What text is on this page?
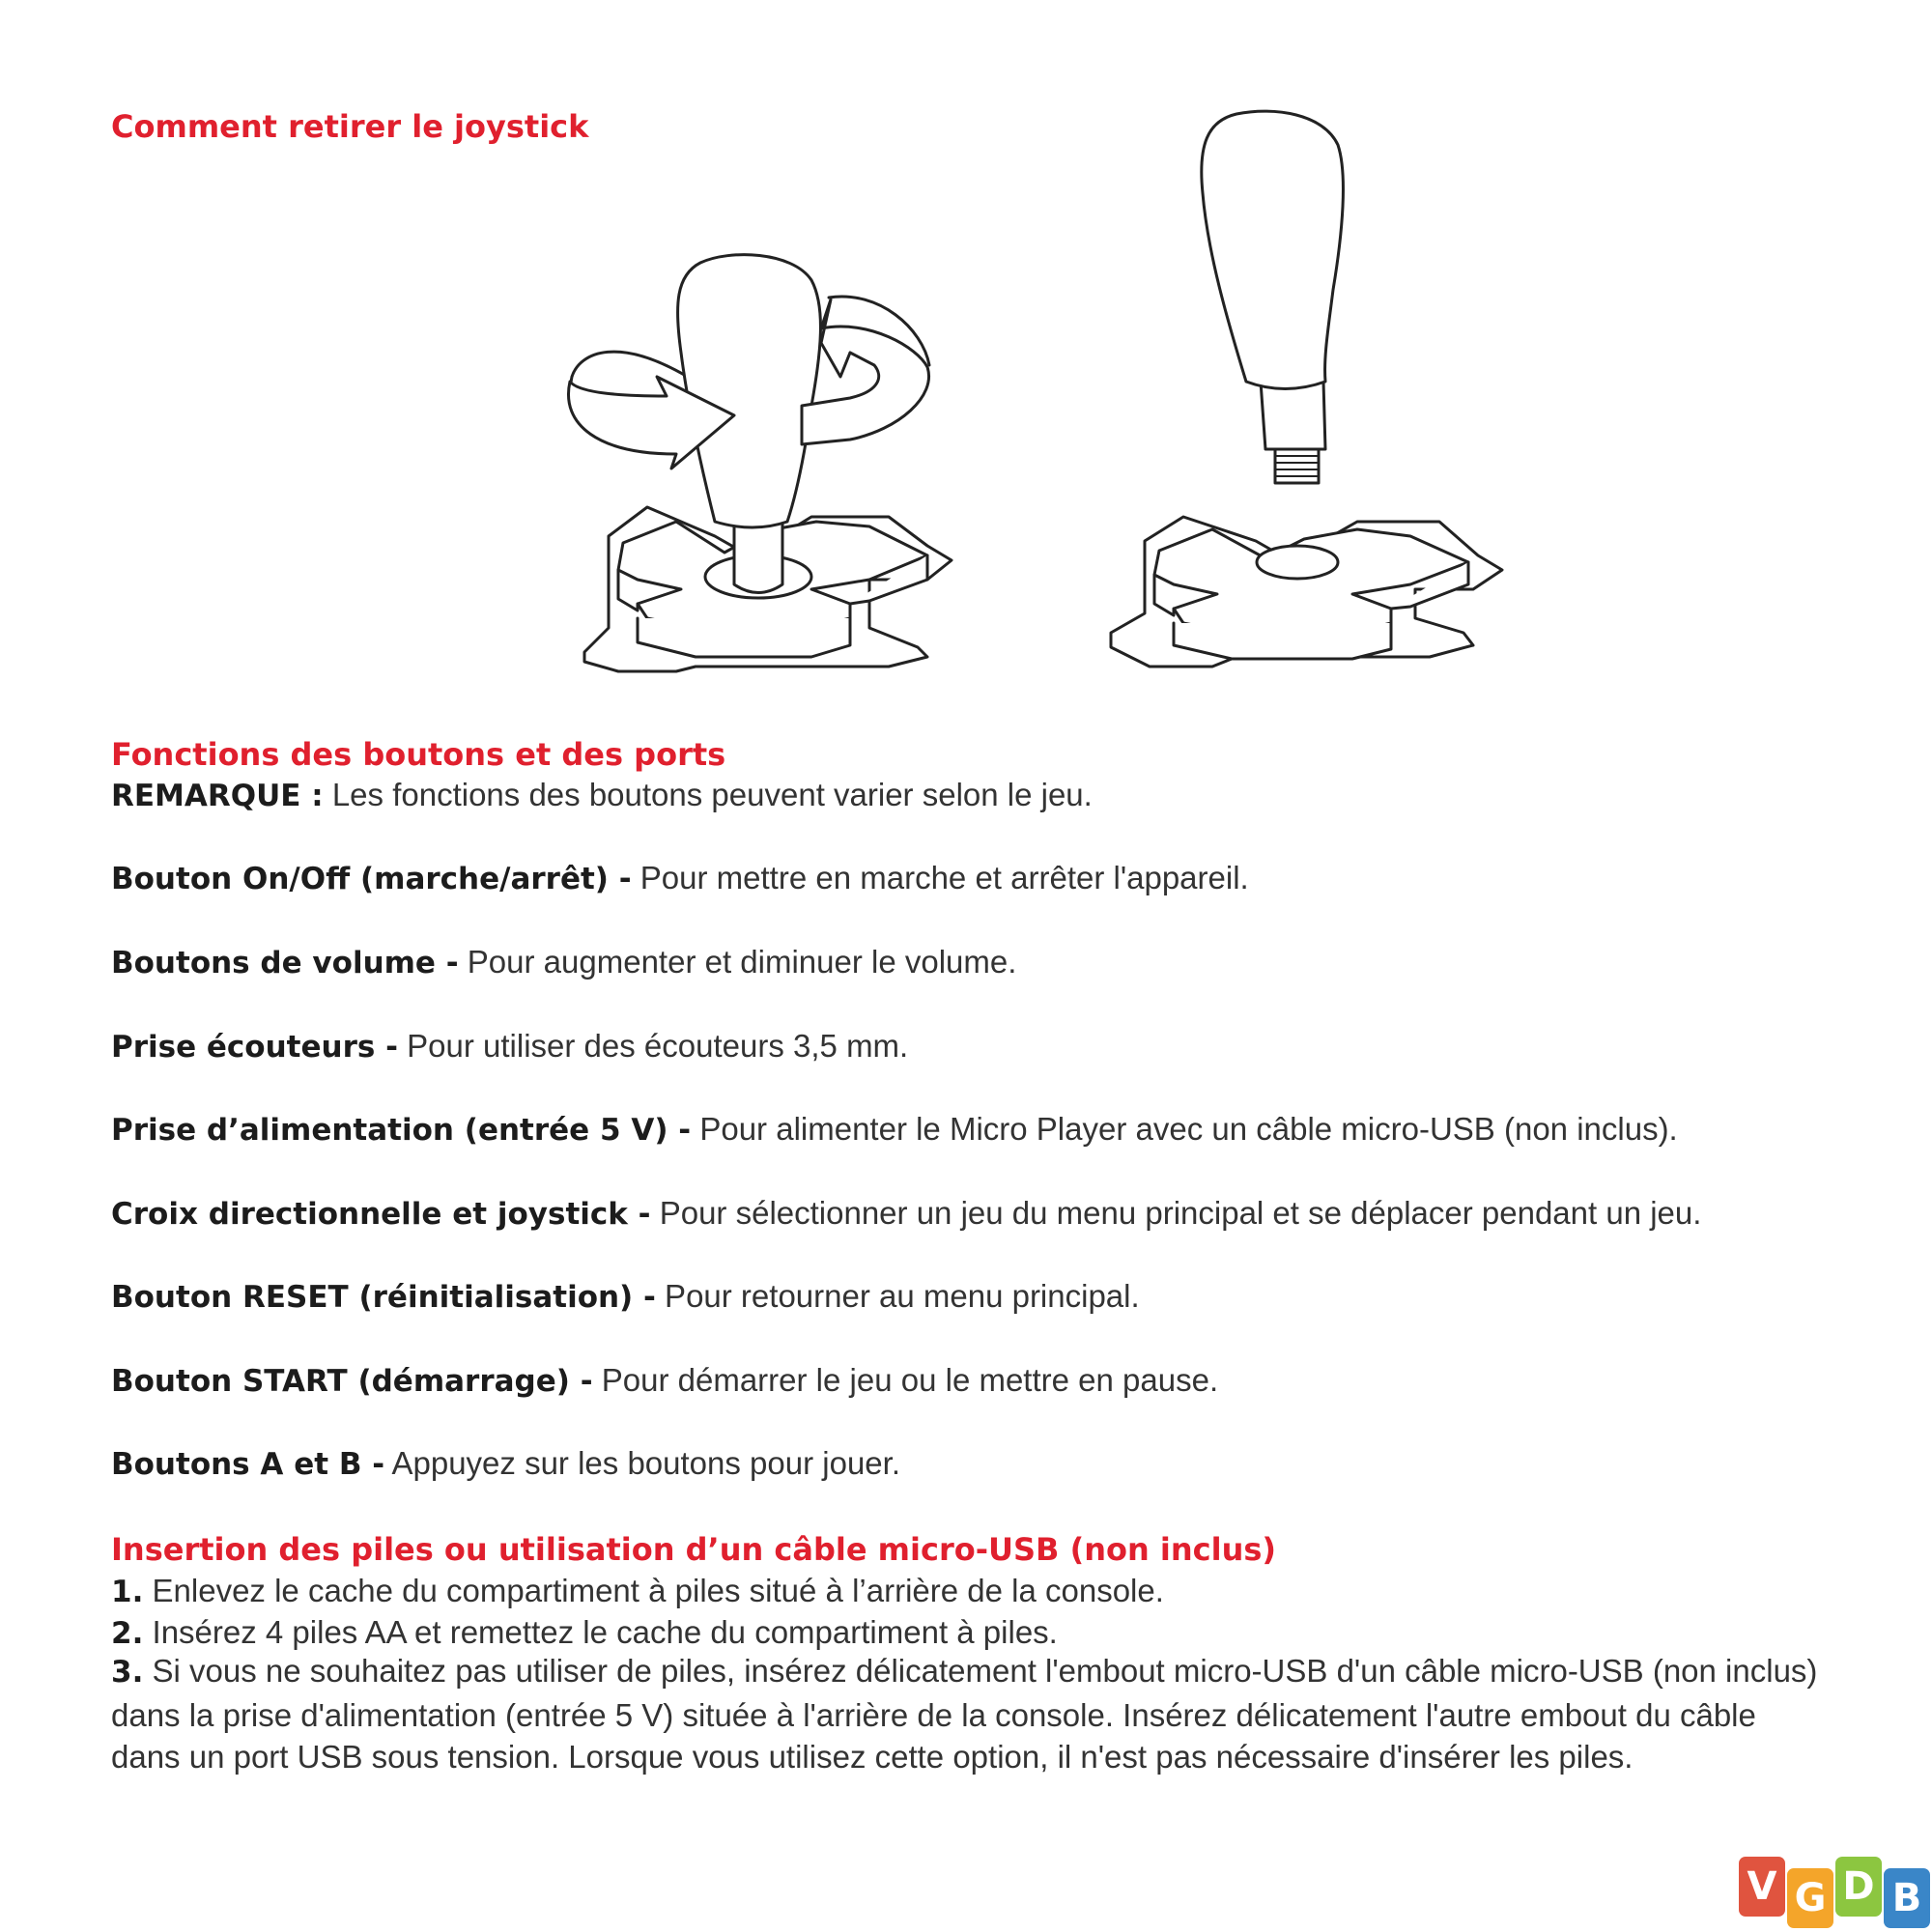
Comment retirer le joystick
Fonctions des boutons et des ports

REMARQUE : Les fonctions des boutons peuvent varier selon le jeu.

Bouton On/Off (marche/arrêt) - Pour mettre en marche et arrêter l'appareil.

Boutons de volume - Pour augmenter et diminuer le volume.

Prise écouteurs - Pour utiliser des écouteurs 3,5 mm.

Prise d’alimentation (entrée 5 V) - Pour alimenter le Micro Player avec un câble micro-USB (non inclus).

Croix directionnelle et joystick - Pour sélectionner un jeu du menu principal et se déplacer pendant un jeu.

Bouton RESET (réinitialisation) - Pour retourner au menu principal.

Bouton START (démarrage) - Pour démarrer le jeu ou le mettre en pause.

Boutons A et B - Appuyez sur les boutons pour jouer.

Insertion des piles ou utilisation d’un câble micro-USB (non inclus)

1. Enlevez le cache du compartiment à piles situé à l’arrière de la console.

2. Insérez 4 piles AA et remettez le cache du compartiment à piles.

3. Si vous ne souhaitez pas utiliser de piles, insérez délicatement l'embout micro-USB d'un câble micro-USB (non inclus) dans la prise d'alimentation (entrée 5 V) située à l'arrière de la console. Insérez délicatement l'autre embout du câble dans un port USB sous tension. Lorsque vous utilisez cette option, il n'est pas nécessaire d'insérer les piles.

V G D B
